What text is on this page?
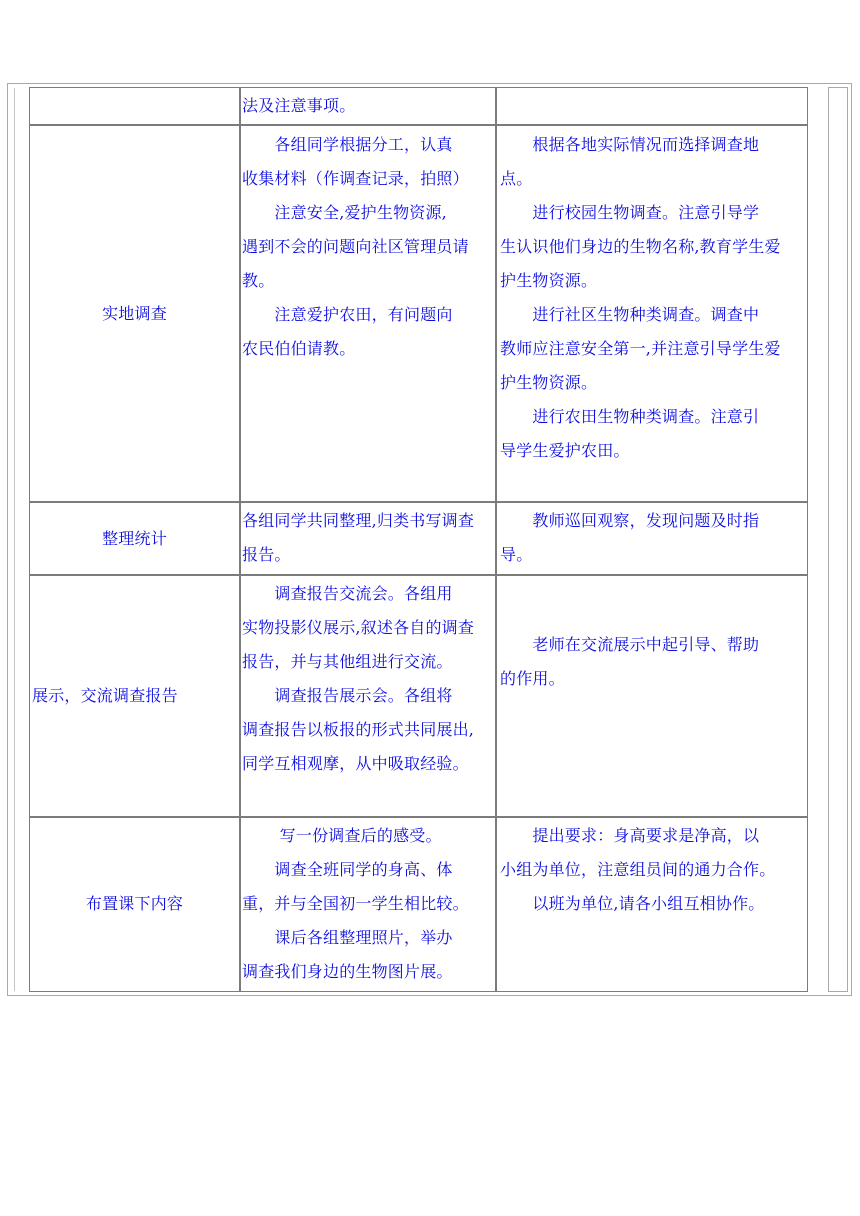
法及注意事项。
实地调查
　　各组同学根据分工，认真
收集材料（作调查记录，拍照）
　　注意安全,爱护生物资源,
遇到不会的问题向社区管理员请
教。
　　注意爱护农田，有问题向
农民伯伯请教。
　　根据各地实际情况而选择调查地
点。
　　进行校园生物调查。注意引导学
生认识他们身边的生物名称,教育学生爱
护生物资源。
　　进行社区生物种类调查。调查中
教师应注意安全第一,并注意引导学生爱
护生物资源。
　　进行农田生物种类调查。注意引
导学生爱护农田。
整理统计
各组同学共同整理,归类书写调查
报告。
　　教师巡回观察，发现问题及时指
导。
展示，交流调查报告
　　调查报告交流会。各组用
实物投影仪展示,叙述各自的调查
报告，并与其他组进行交流。
　　调查报告展示会。各组将
调查报告以板报的形式共同展出,
同学互相观摩，从中吸取经验。
　　老师在交流展示中起引导、帮助
的作用。
布置课下内容
　　 写一份调查后的感受。
　　调查全班同学的身高、体
重，并与全国初一学生相比较。
　　课后各组整理照片，举办
调查我们身边的生物图片展。
　　提出要求：身高要求是净高，以
小组为单位，注意组员间的通力合作。
　　以班为单位,请各小组互相协作。
